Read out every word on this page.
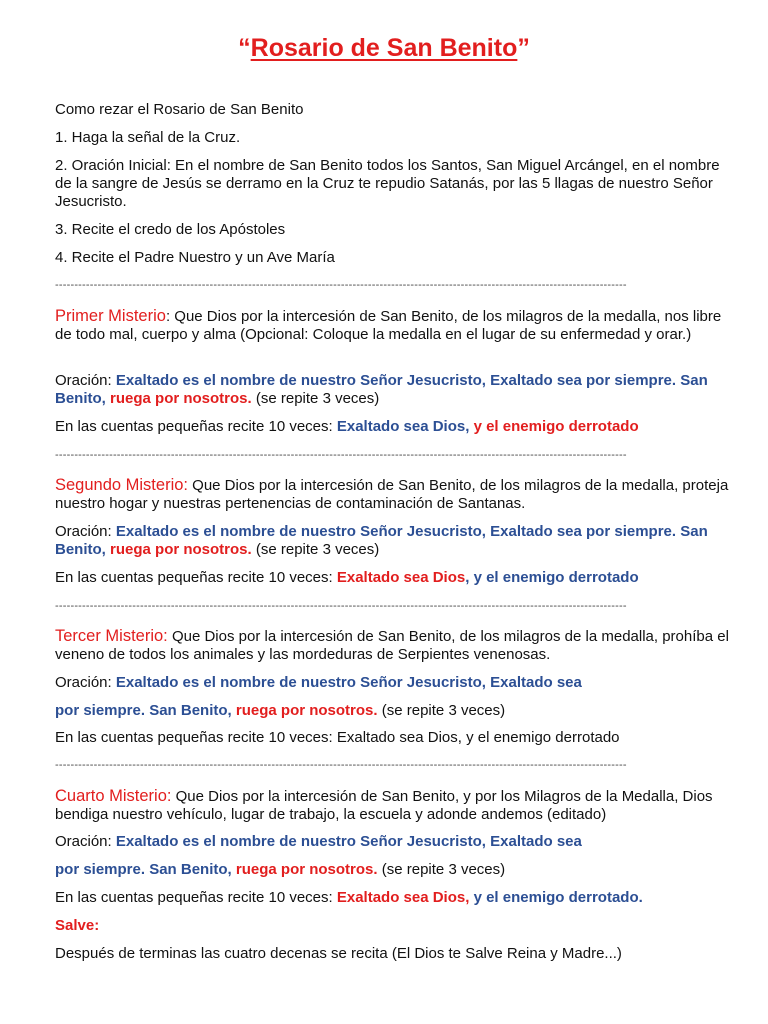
“Rosario de San Benito”
Como rezar el Rosario de San Benito
1. Haga la señal de la Cruz.
2. Oración Inicial: En el nombre de San Benito todos los Santos, San Miguel Arcángel, en el nombre de la sangre de Jesús se derramo en la Cruz te repudio Satanás, por las 5 llagas de nuestro Señor Jesucristo.
3. Recite el credo de los Apóstoles
4. Recite el Padre Nuestro y un Ave María
----------------------------------------------------------------------------------------------------------------------------------------------------
Primer Misterio: Que Dios por la intercesión de San Benito, de los milagros de la medalla, nos libre de todo mal, cuerpo y alma (Opcional: Coloque la medalla en el lugar de su enfermedad y orar.)
Oración: Exaltado es el nombre de nuestro Señor Jesucristo, Exaltado sea por siempre. San Benito, ruega por nosotros. (se repite 3 veces)
En las cuentas pequeñas recite 10 veces: Exaltado sea Dios, y el enemigo derrotado
----------------------------------------------------------------------------------------------------------------------------------------------------
Segundo Misterio: Que Dios por la intercesión de San Benito, de los milagros de la medalla, proteja nuestro hogar y nuestras pertenencias de contaminación de Santanas.
Oración: Exaltado es el nombre de nuestro Señor Jesucristo, Exaltado sea por siempre. San Benito, ruega por nosotros. (se repite 3 veces)
En las cuentas pequeñas recite 10 veces: Exaltado sea Dios, y el enemigo derrotado
----------------------------------------------------------------------------------------------------------------------------------------------------
Tercer Misterio: Que Dios por la intercesión de San Benito, de los milagros de la medalla, prohíba el veneno de todos los animales y las mordeduras de Serpientes venenosas.
Oración: Exaltado es el nombre de nuestro Señor Jesucristo, Exaltado sea
por siempre. San Benito, ruega por nosotros. (se repite 3 veces)
En las cuentas pequeñas recite 10 veces: Exaltado sea Dios, y el enemigo derrotado
----------------------------------------------------------------------------------------------------------------------------------------------------
Cuarto Misterio: Que Dios por la intercesión de San Benito, y por los Milagros de la Medalla, Dios bendiga nuestro vehículo, lugar de trabajo, la escuela y adonde andemos (editado)
Oración: Exaltado es el nombre de nuestro Señor Jesucristo, Exaltado sea
por siempre. San Benito, ruega por nosotros. (se repite 3 veces)
En las cuentas pequeñas recite 10 veces: Exaltado sea Dios, y el enemigo derrotado.
Salve:
Después de terminas las cuatro decenas se recita (El Dios te Salve Reina y Madre...)
